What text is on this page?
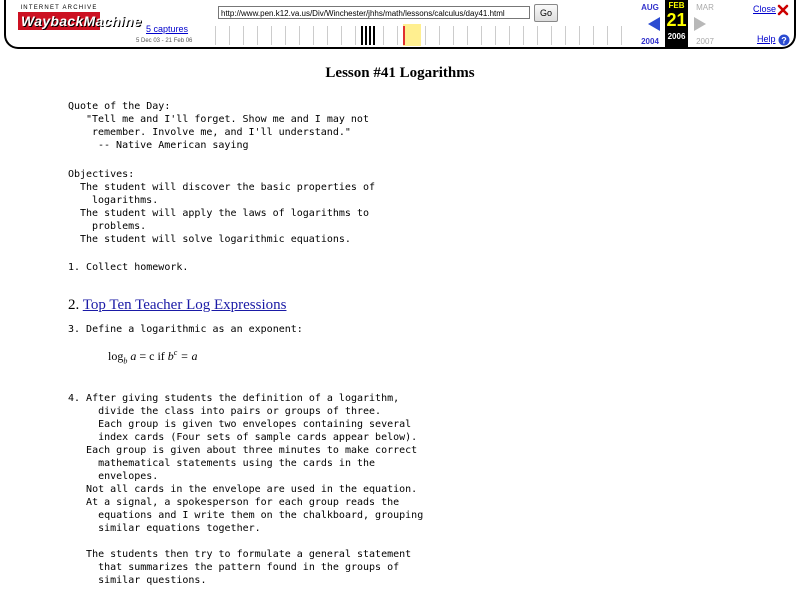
INTERNET ARCHIVE
WaybackMachine	http://www.pen.k12.va.us/Div/Winchester/jhhs/math/lessons/calculus/day41.html	Go
5 captures
5 Dec 03 - 21 Feb 06
AUG	MAR
FEB
21
2006
2004	2007
Close
Help ?
Lesson #41 Logarithms
Quote of the Day:
"Tell me and I'll forget. Show me and I may not
remember. Involve me, and I'll understand."
-- Native American saying
Objectives:
The student will discover the basic properties of
logarithms.
The student will apply the laws of logarithms to
problems.
The student will solve logarithmic equations.
1. Collect homework.
2. Top Ten Teacher Log Expressions
3. Define a logarithmic as an exponent:
$\log_b a = c$ if $b^c = a$
4. After giving students the definition of a logarithm,
divide the class into pairs or groups of three.
Each group is given two envelopes containing several
index cards (Four sets of sample cards appear below).
Each group is given about three minutes to make correct
mathematical statements using the cards in the
envelopes.
Not all cards in the envelope are used in the equation.
At a signal, a spokesperson for each group reads the
equations and I write them on the chalkboard, grouping
similar equations together.

The students then try to formulate a general statement
that summarizes the pattern found in the groups of
similar questions.
